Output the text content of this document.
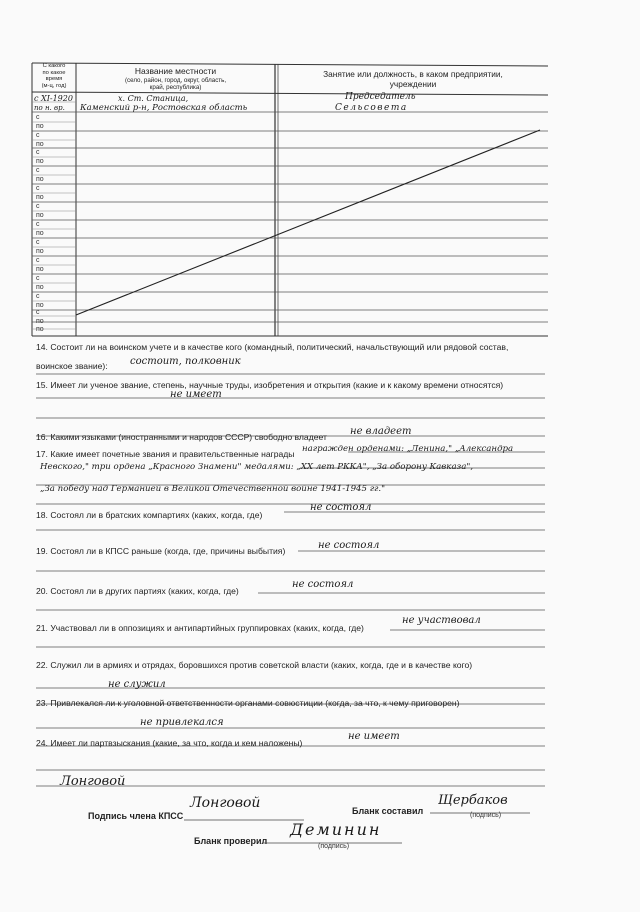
С какого
по какое
время
(м-ц, год)
Название местности
(село, район, город, округ, область,
край, республика)
Занятие или должность, в каком предприятии,
учреждении
с XI-1920
по н. вр.
х. Ст. Станица,
Каменский р-н, Ростовская область
Председатель
Сельсовета
с
по
с
по
с
по
с
по
с
по
с
по
с
по
с
по
с
по
с
по
с
по
с
по
по
14. Состоит ли на воинском учете и в качестве кого (командный, политический, начальствующий или рядовой состав,
воинское звание): состоит, полковник
15. Имеет ли ученое звание, степень, научные труды, изобретения и открытия (какие и к какому времени относятся)
не имеет
16. Какими языками (иностранными и народов СССР) свободно владеет не владеет
17. Какие имеет почетные звания и правительственные награды награжден орденами: „Ленина," „Александра
Невского," три ордена „Красного Знамени" медалями: „XX лет РККА", „За оборону Кавказа",
„За победу над Германией в Великой Отечественной войне 1941-1945 гг."
18. Состоял ли в братских компартиях (каких, когда, где)
не состоял
19. Состоял ли в КПСС раньше (когда, где, причины выбытия)	не состоял
20. Состоял ли в других партиях (каких, когда, где)
не состоял
21. Участвовал ли в оппозициях и антипартийных группировках (каких, когда, где)
не участвовал
22. Служил ли в армиях и отрядах, боровшихся против советской власти (каких, когда, где и в качестве кого)
не служил
23. Привлекался ли к уголовной ответственности органами совюстиции (когда, за что, к чему приговорен)
не привлекался
24. Имеет ли партвзыскания (какие, за что, когда и кем наложены)
не имеет
Лонговой
Подпись члена КПСС
Лонговой	Бланк составил
Щербаков
(подпись)
Бланк проверил
Деминин
(подпись)
